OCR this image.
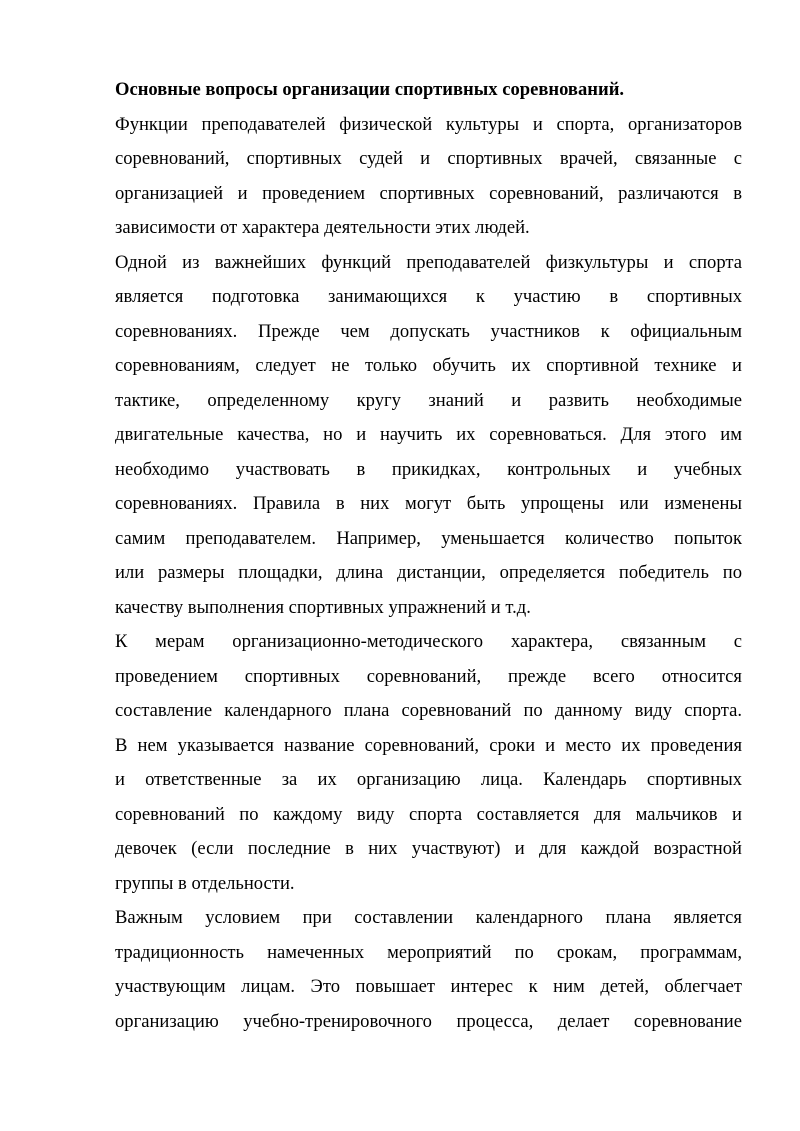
Основные вопросы организации спортивных соревнований.

Функции преподавателей физической культуры и спорта, организаторов
соревнований, спортивных судей и спортивных врачей, связанные с
организацией и проведением спортивных соревнований, различаются в
зависимости от характера деятельности этих людей.

Одной из важнейших функций преподавателей физкультуры и спорта
является подготовка занимающихся к участию в спортивных
соревнованиях. Прежде чем допускать участников к официальным
соревнованиям, следует не только обучить их спортивной технике и
тактике, определенному кругу знаний и развить необходимые
двигательные качества, но и научить их соревноваться. Для этого им
необходимо участвовать в прикидках, контрольных и учебных
соревнованиях. Правила в них могут быть упрощены или изменены
самим преподавателем. Например, уменьшается количество попыток
или размеры площадки, длина дистанции, определяется победитель по
качеству выполнения спортивных упражнений и т.д.

К мерам организационно-методического характера, связанным с
проведением спортивных соревнований, прежде всего относится
составление календарного плана соревнований по данному виду спорта.
В нем указывается название соревнований, сроки и место их проведения
и ответственные за их организацию лица. Календарь спортивных
соревнований по каждому виду спорта составляется для мальчиков и
девочек (если последние в них участвуют) и для каждой возрастной
группы в отдельности.

Важным условием при составлении календарного плана является
традиционность намеченных мероприятий по срокам, программам,
участвующим лицам. Это повышает интерес к ним детей, облегчает
организацию учебно-тренировочного процесса, делает соревнование
